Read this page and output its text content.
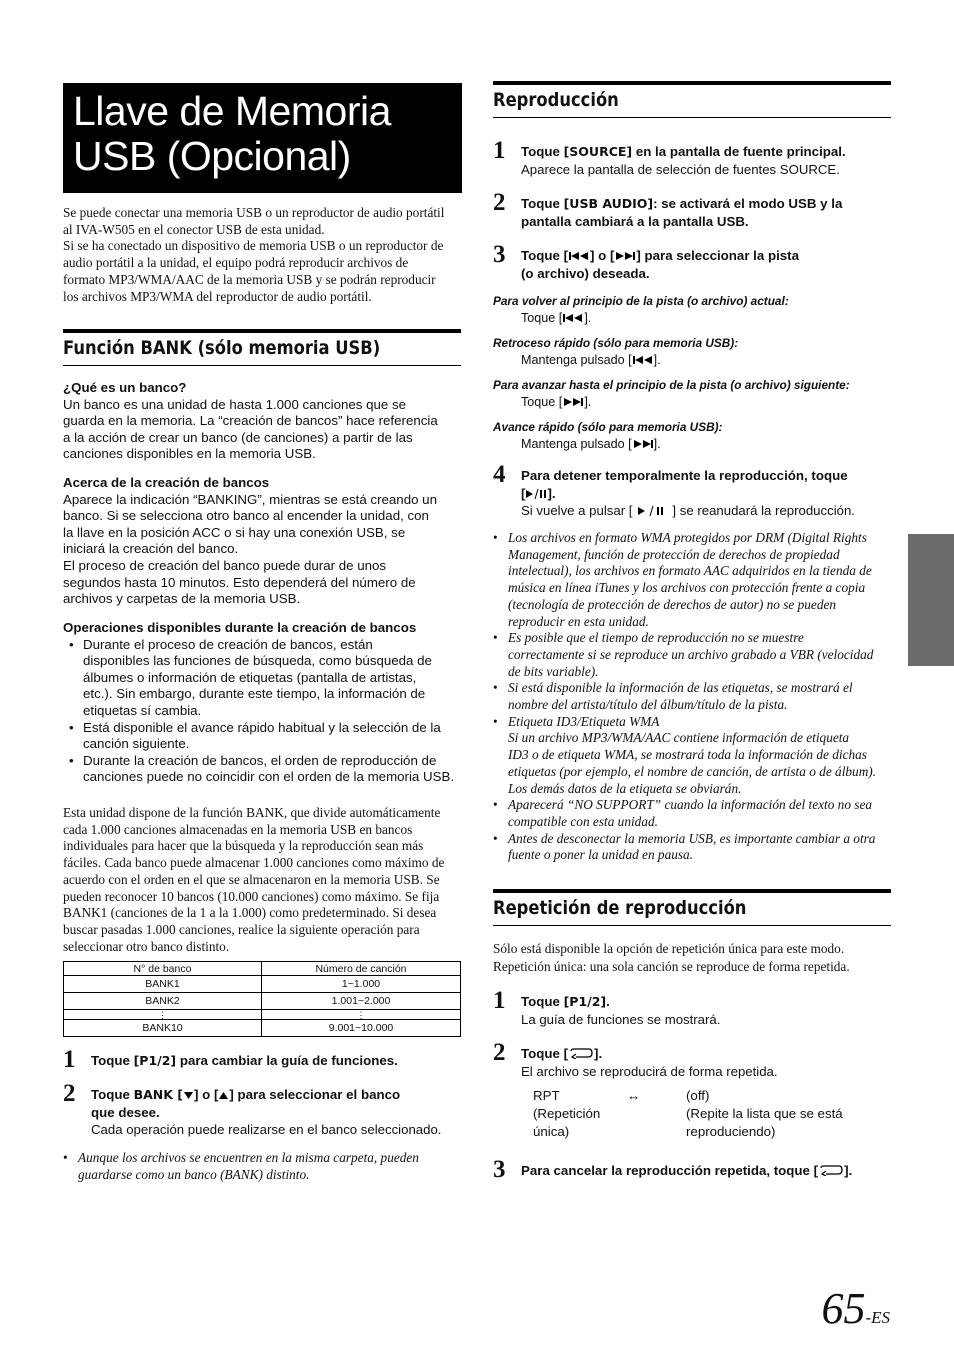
Llave de Memoria
USB (Opcional)
Se puede conectar una memoria USB o un reproductor de audio portátil
al IVA-W505 en el conector USB de esta unidad.
Si se ha conectado un dispositivo de memoria USB o un reproductor de
audio portátil a la unidad, el equipo podrá reproducir archivos de
formato MP3/WMA/AAC de la memoria USB y se podrán reproducir
los archivos MP3/WMA del reproductor de audio portátil.
Función BANK (sólo memoria USB)
¿Qué es un banco?
Un banco es una unidad de hasta 1.000 canciones que se
guarda en la memoria. La “creación de bancos” hace referencia
a la acción de crear un banco (de canciones) a partir de las
canciones disponibles en la memoria USB.
Acerca de la creación de bancos
Aparece la indicación “BANKING”, mientras se está creando un
banco. Si se selecciona otro banco al encender la unidad, con
la llave en la posición ACC o si hay una conexión USB, se
iniciará la creación del banco.
El proceso de creación del banco puede durar de unos
segundos hasta 10 minutos. Esto dependerá del número de
archivos y carpetas de la memoria USB.
Operaciones disponibles durante la creación de bancos
• Durante el proceso de creación de bancos, están
disponibles las funciones de búsqueda, como búsqueda de
álbumes o información de etiquetas (pantalla de artistas,
etc.). Sin embargo, durante este tiempo, la información de
etiquetas sí cambia.
• Está disponible el avance rápido habitual y la selección de la
canción siguiente.
• Durante la creación de bancos, el orden de reproducción de
canciones puede no coincidir con el orden de la memoria USB.
Esta unidad dispone de la función BANK, que divide automáticamente
cada 1.000 canciones almacenadas en la memoria USB en bancos
individuales para hacer que la búsqueda y la reproducción sean más
fáciles. Cada banco puede almacenar 1.000 canciones como máximo de
acuerdo con el orden en el que se almacenaron en la memoria USB. Se
pueden reconocer 10 bancos (10.000 canciones) como máximo. Se fija
BANK1 (canciones de la 1 a la 1.000) como predeterminado. Si desea
buscar pasadas 1.000 canciones, realice la siguiente operación para
seleccionar otro banco distinto.
N° de banco	Número de canción
BANK1	1~1.000
BANK2	1.001~2.000
⋮	⋮
BANK10	9.001~10.000
1 Toque [P1/2] para cambiar la guía de funciones.
2 Toque BANK [ ] o [ ] para seleccionar el banco
que desee.
Cada operación puede realizarse en el banco seleccionado.
• Aunque los archivos se encuentren en la misma carpeta, pueden
guardarse como un banco (BANK) distinto.
Reproducción
1 Toque [SOURCE] en la pantalla de fuente principal.
Aparece la pantalla de selección de fuentes SOURCE.
2 Toque [USB AUDIO]: se activará el modo USB y la
pantalla cambiará a la pantalla USB.
3 Toque [ ] o [ ] para seleccionar la pista
(o archivo) deseada.
Para volver al principio de la pista (o archivo) actual:
Toque [ ].
Retroceso rápido (sólo para memoria USB):
Mantenga pulsado [ ].
Para avanzar hasta el principio de la pista (o archivo) siguiente:
Toque [ ].
Avance rápido (sólo para memoria USB):
Mantenga pulsado [ ].
4 Para detener temporalmente la reproducción, toque
[ ].
Si vuelve a pulsar [	] se reanudará la reproducción.
• Los archivos en formato WMA protegidos por DRM (Digital Rights
Management, función de protección de derechos de propiedad
intelectual), los archivos en formato AAC adquiridos en la tienda de
música en línea iTunes y los archivos con protección frente a copia
(tecnología de protección de derechos de autor) no se pueden
reproducir en esta unidad.
• Es posible que el tiempo de reproducción no se muestre
correctamente si se reproduce un archivo grabado a VBR (velocidad
de bits variable).
• Si está disponible la información de las etiquetas, se mostrará el
nombre del artista/título del álbum/título de la pista.
• Etiqueta ID3/Etiqueta WMA
Si un archivo MP3/WMA/AAC contiene información de etiqueta
ID3 o de etiqueta WMA, se mostrará toda la información de dichas
etiquetas (por ejemplo, el nombre de canción, de artista o de álbum).
Los demás datos de la etiqueta se obviarán.
• Aparecerá “NO SUPPORT” cuando la información del texto no sea
compatible con esta unidad.
• Antes de desconectar la memoria USB, es importante cambiar a otra
fuente o poner la unidad en pausa.
Repetición de reproducción
Sólo está disponible la opción de repetición única para este modo.
Repetición única: una sola canción se reproduce de forma repetida.
1 Toque [P1/2].
La guía de funciones se mostrará.
2 Toque [ ].
El archivo se reproducirá de forma repetida.
RPT
(Repetición
única)
↔	(off)
(Repite la lista que se está
reproduciendo)
3 Para cancelar la reproducción repetida, toque [ ].
65-ES
